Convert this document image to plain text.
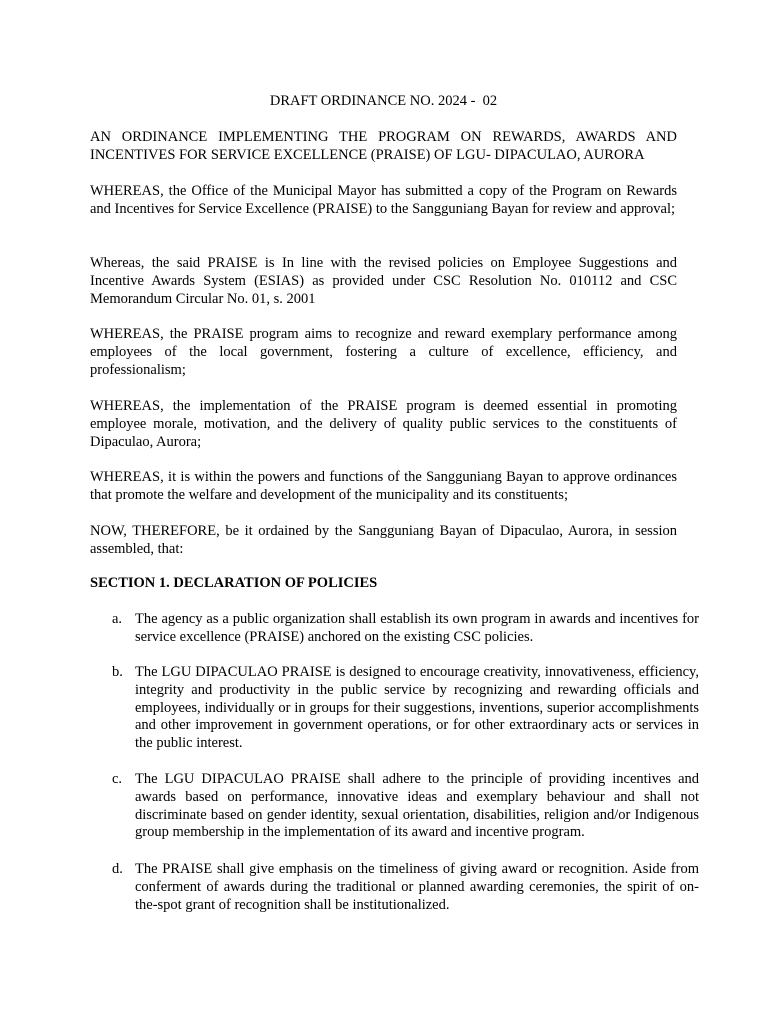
DRAFT ORDINANCE NO. 2024 -  02

AN ORDINANCE IMPLEMENTING THE PROGRAM ON REWARDS, AWARDS AND INCENTIVES FOR SERVICE EXCELLENCE (PRAISE) OF LGU- DIPACULAO, AURORA

WHEREAS, the Office of the Municipal Mayor has submitted a copy of the Program on Rewards and Incentives for Service Excellence (PRAISE) to the Sangguniang Bayan for review and approval;

Whereas, the said PRAISE is In line with the revised policies on Employee Suggestions and Incentive Awards System (ESIAS) as provided under CSC Resolution No. 010112 and CSC Memorandum Circular No. 01, s. 2001

WHEREAS, the PRAISE program aims to recognize and reward exemplary performance among employees of the local government, fostering a culture of excellence, efficiency, and professionalism;

WHEREAS, the implementation of the PRAISE program is deemed essential in promoting employee morale, motivation, and the delivery of quality public services to the constituents of Dipaculao, Aurora;

WHEREAS, it is within the powers and functions of the Sangguniang Bayan to approve ordinances that promote the welfare and development of the municipality and its constituents;

NOW, THEREFORE, be it ordained by the Sangguniang Bayan of Dipaculao, Aurora, in session assembled, that:

SECTION 1. DECLARATION OF POLICIES

a. The agency as a public organization shall establish its own program in awards and incentives for service excellence (PRAISE) anchored on the existing CSC policies.
b. The LGU DIPACULAO PRAISE is designed to encourage creativity, innovativeness, efficiency, integrity and productivity in the public service by recognizing and rewarding officials and employees, individually or in groups for their suggestions, inventions, superior accomplishments and other improvement in government operations, or for other extraordinary acts or services in the public interest.
c. The LGU DIPACULAO PRAISE shall adhere to the principle of providing incentives and awards based on performance, innovative ideas and exemplary behaviour and shall not discriminate based on gender identity, sexual orientation, disabilities, religion and/or Indigenous group membership in the implementation of its award and incentive program.
d. The PRAISE shall give emphasis on the timeliness of giving award or recognition. Aside from conferment of awards during the traditional or planned awarding ceremonies, the spirit of on-the-spot grant of recognition shall be institutionalized.
